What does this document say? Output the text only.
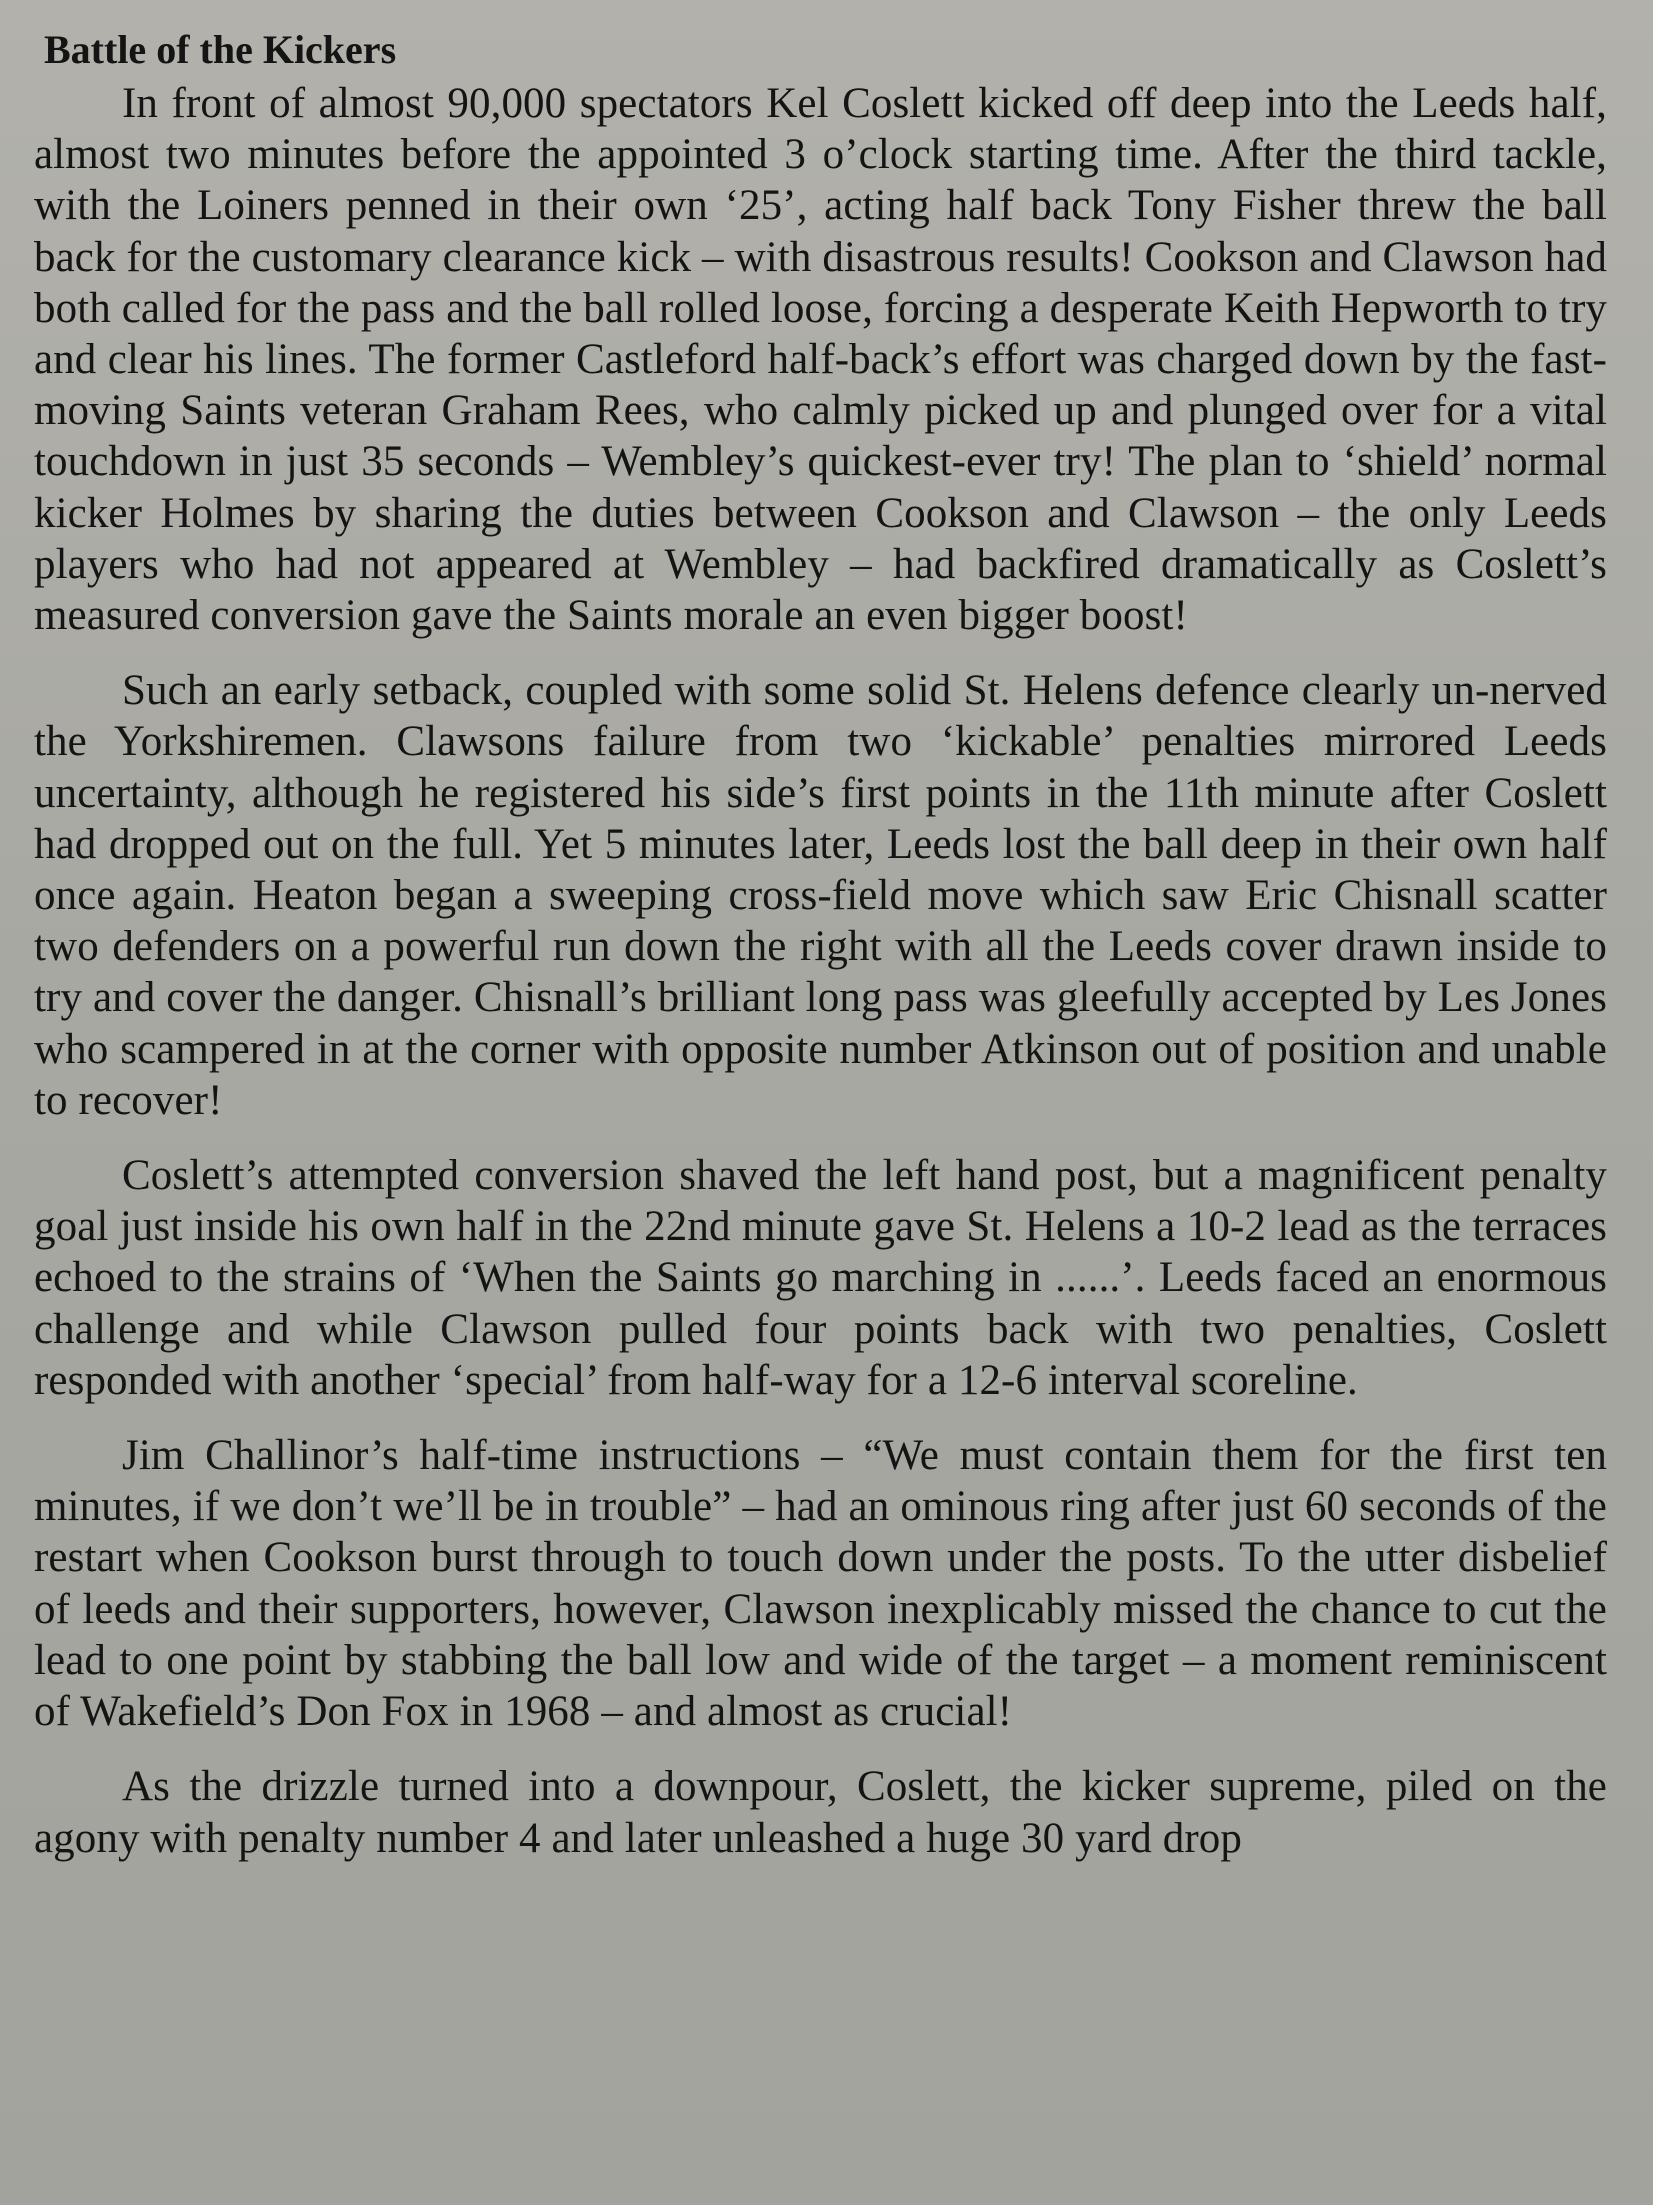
Battle of the Kickers

In front of almost 90,000 spectators Kel Coslett kicked off deep into the Leeds half, almost two minutes before the appointed 3 o’clock starting time. After the third tackle, with the Loiners penned in their own ‘25’, acting half back Tony Fisher threw the ball back for the customary clearance kick – with disastrous results! Cookson and Clawson had both called for the pass and the ball rolled loose, forcing a desperate Keith Hepworth to try and clear his lines. The former Castleford half-back’s effort was charged down by the fast-moving Saints veteran Graham Rees, who calmly picked up and plunged over for a vital touchdown in just 35 seconds – Wembley’s quickest-ever try! The plan to ‘shield’ normal kicker Holmes by sharing the duties between Cookson and Clawson – the only Leeds players who had not appeared at Wembley – had backfired dramatically as Coslett’s measured conversion gave the Saints morale an even bigger boost!

Such an early setback, coupled with some solid St. Helens defence clearly un-nerved the Yorkshiremen. Clawsons failure from two ‘kickable’ penalties mirrored Leeds uncertainty, although he registered his side’s first points in the 11th minute after Coslett had dropped out on the full. Yet 5 minutes later, Leeds lost the ball deep in their own half once again. Heaton began a sweeping cross-field move which saw Eric Chisnall scatter two defenders on a powerful run down the right with all the Leeds cover drawn inside to try and cover the danger. Chisnall’s brilliant long pass was gleefully accepted by Les Jones who scampered in at the corner with opposite number Atkinson out of position and unable to recover!

Coslett’s attempted conversion shaved the left hand post, but a magnificent penalty goal just inside his own half in the 22nd minute gave St. Helens a 10-2 lead as the terraces echoed to the strains of ‘When the Saints go marching in ......’. Leeds faced an enormous challenge and while Clawson pulled four points back with two penalties, Coslett responded with another ‘special’ from half-way for a 12-6 interval scoreline.

Jim Challinor’s half-time instructions – “We must contain them for the first ten minutes, if we don’t we’ll be in trouble” – had an ominous ring after just 60 seconds of the restart when Cookson burst through to touch down under the posts. To the utter disbelief of leeds and their supporters, however, Clawson inexplicably missed the chance to cut the lead to one point by stabbing the ball low and wide of the target – a moment reminiscent of Wakefield’s Don Fox in 1968 – and almost as crucial!

As the drizzle turned into a downpour, Coslett, the kicker supreme, piled on the agony with penalty number 4 and later unleashed a huge 30 yard drop
